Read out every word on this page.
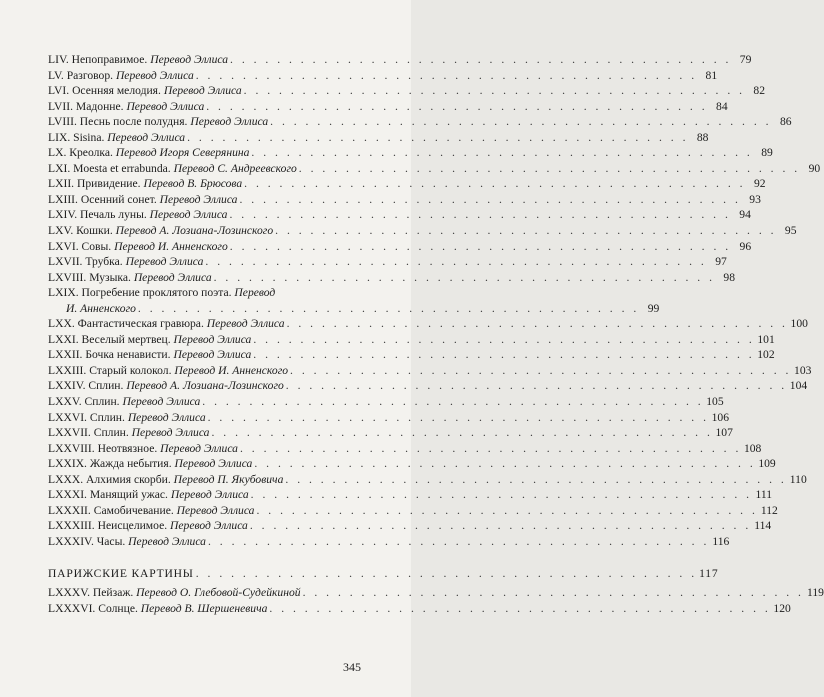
LIV. Непоправимое. Перевод Эллиса . . .	79
LV. Разговор. Перевод Эллиса . . .	81
LVI. Осенняя мелодия. Перевод Эллиса . . .	82
LVII. Мадонне. Перевод Эллиса . . .	84
LVIII. Песнь после полудня. Перевод Эллиса . . .	86
LIX. Sisina. Перевод Эллиса . . .	88
LX. Креолка. Перевод Игоря Северянина . . .	89
LXI. Moesta et errabunda. Перевод С. Андреевского . . .	90
LXII. Привидение. Перевод В. Брюсова . . .	92
LXIII. Осенний сонет. Перевод Эллиса . . .	93
LXIV. Печаль луны. Перевод Эллиса . . .	94
LXV. Кошки. Перевод А. Лозиана-Лозинского . . .	95
LXVI. Совы. Перевод И. Анненского . . .	96
LXVII. Трубка. Перевод Эллиса . . .	97
LXVIII. Музыка. Перевод Эллиса . . .	98
LXIX. Погребение проклятого поэта. Перевод
И. Анненского . . .	99
LXX. Фантастическая гравюра. Перевод Эллиса . . .	100
LXXI. Веселый мертвец. Перевод Эллиса . . .	101
LXXII. Бочка ненависти. Перевод Эллиса . . .	102
LXXIII. Старый колокол. Перевод И. Анненского . . .	103
LXXIV. Сплин. Перевод А. Лозиана-Лозинского . . .	104
LXXV. Сплин. Перевод Эллиса . . .	105
LXXVI. Сплин. Перевод Эллиса . . .	106
LXXVII. Сплин. Перевод Эллиса . . .	107
LXXVIII. Неотвязное. Перевод Эллиса . . .	108
LXXIX. Жажда небытия. Перевод Эллиса . . .	109
LXXX. Алхимия скорби. Перевод П. Якубовича . . .	110
LXXXI. Манящий ужас. Перевод Эллиса . . .	111
LXXXII. Самобичевание. Перевод Эллиса . . .	112
LXXXIII. Неисцелимое. Перевод Эллиса . . .	114
LXXXIV. Часы. Перевод Эллиса . . .	116
ПАРИЖСКИЕ КАРТИНЫ . . .	117
LXXXV. Пейзаж. Перевод О. Глебовой-Судейкиной . . .	119
LXXXVI. Солнце. Перевод В. Шершеневича . . .	120
345
